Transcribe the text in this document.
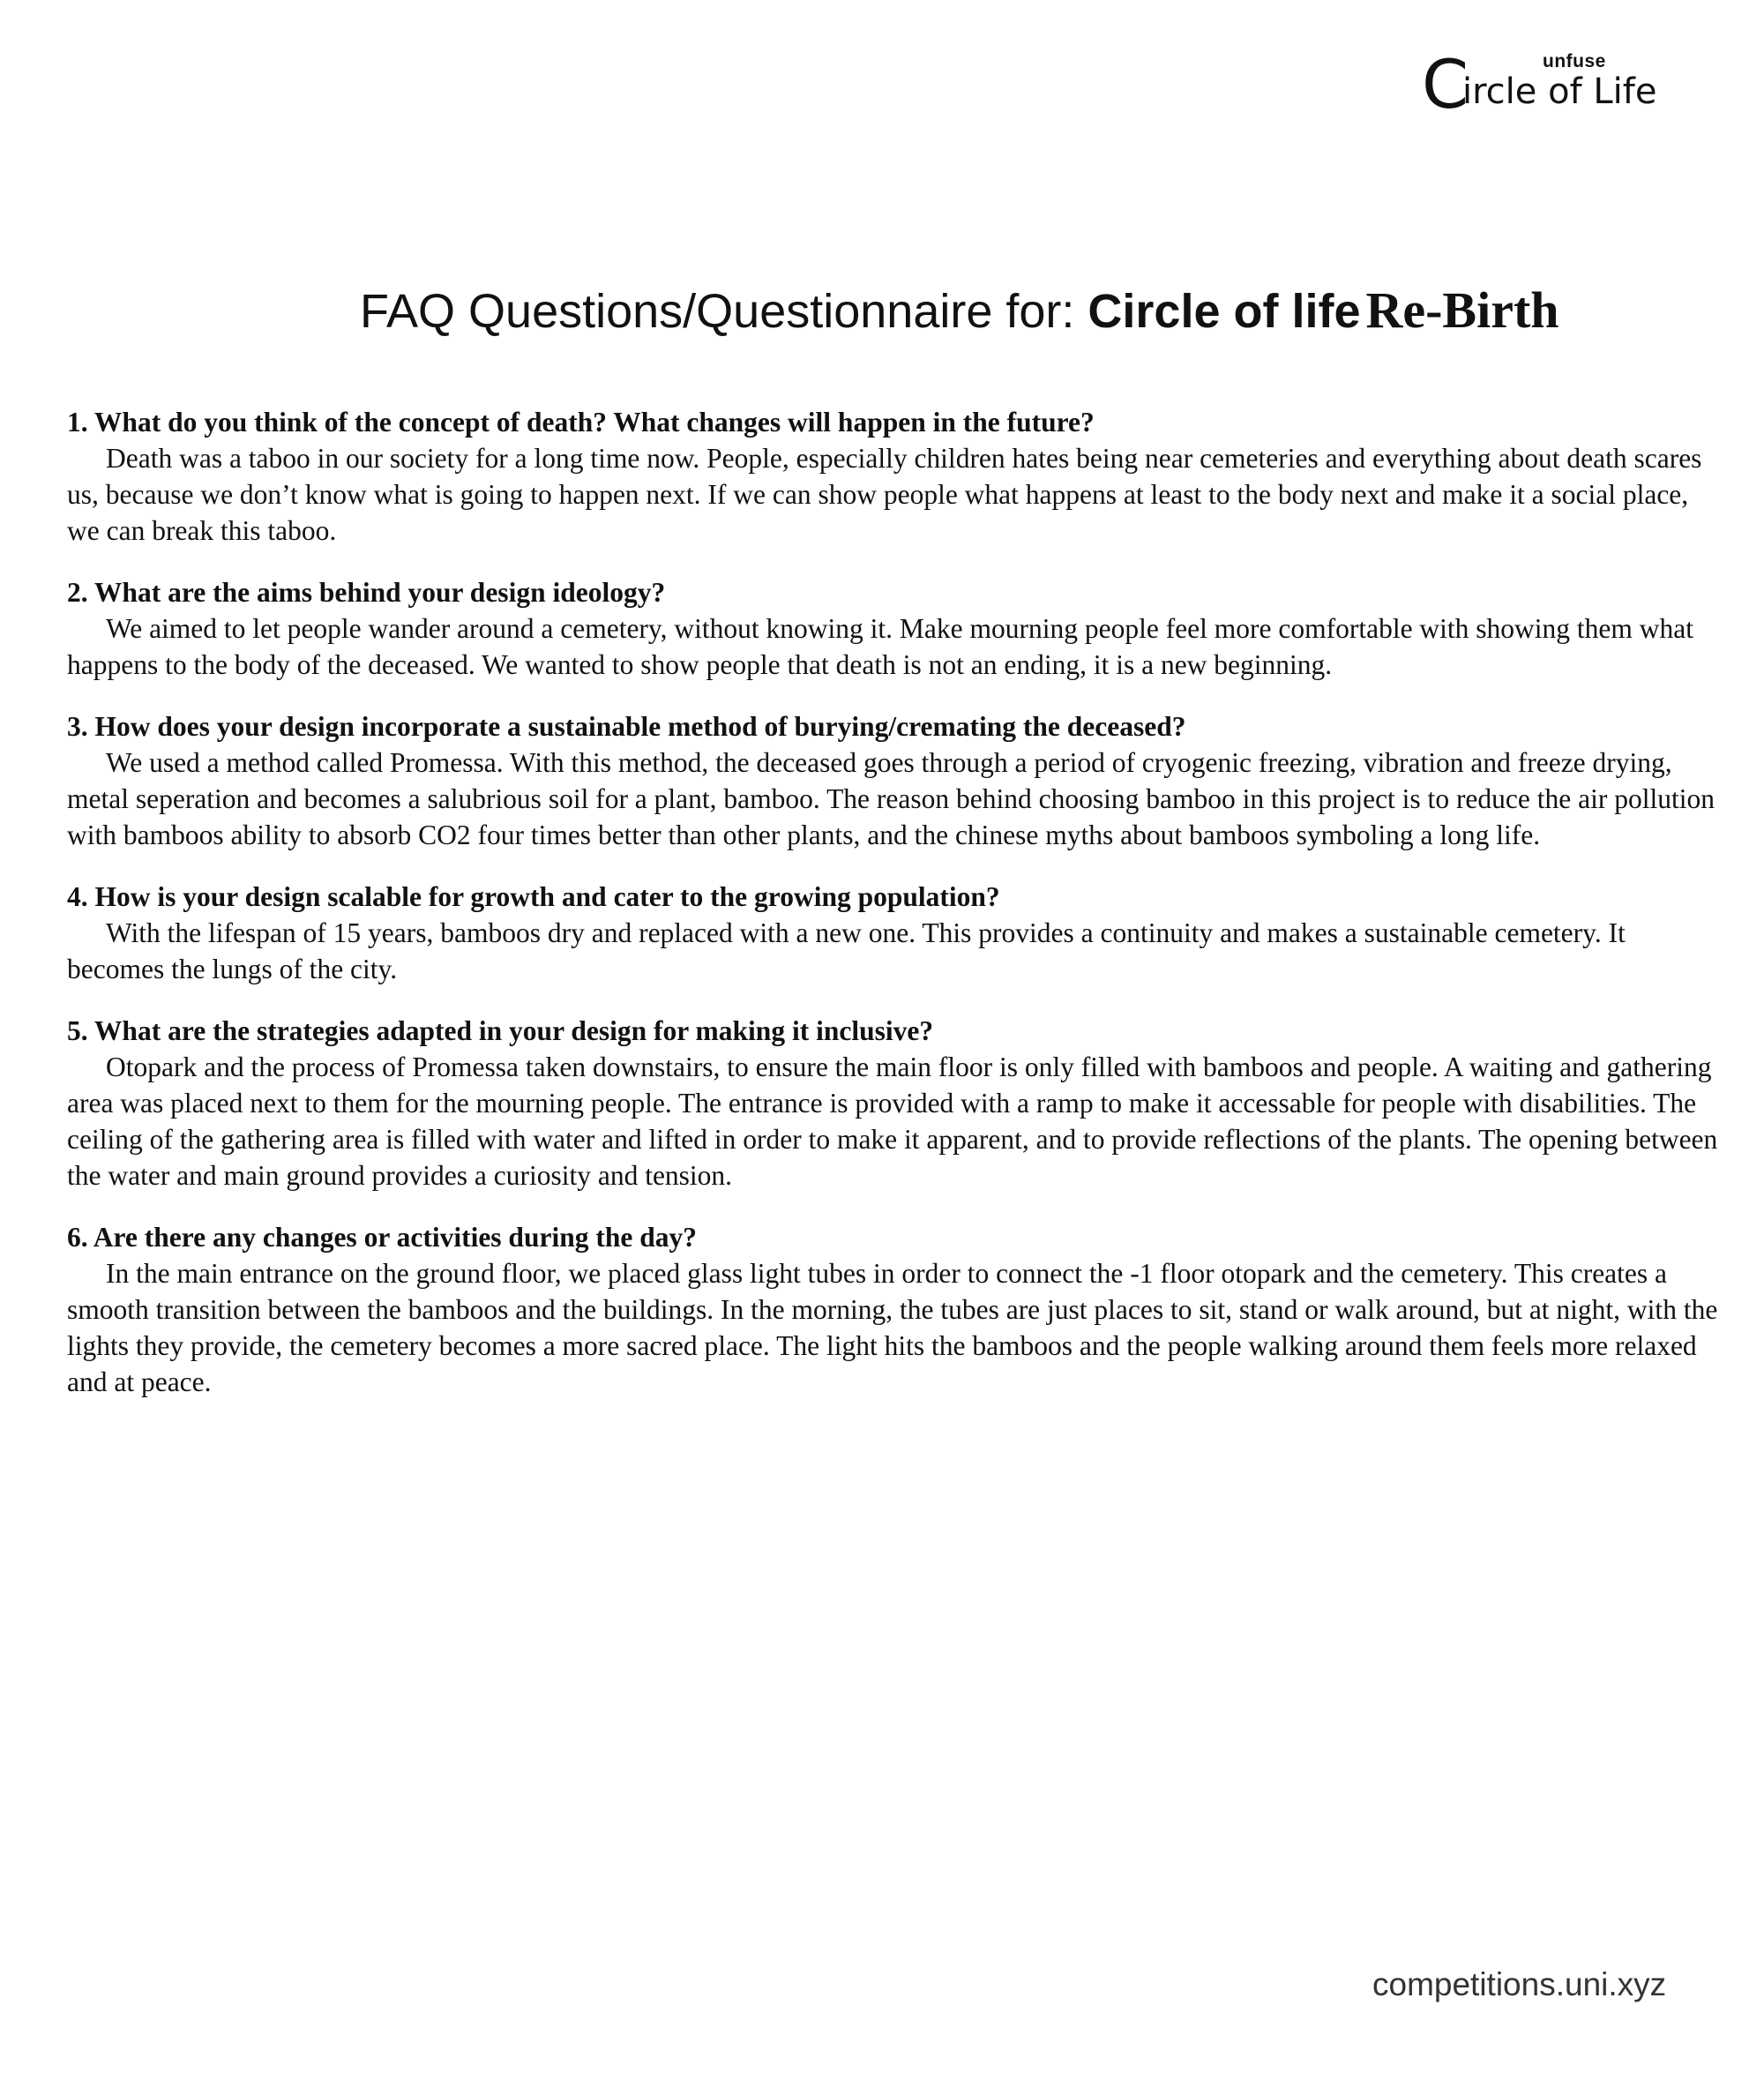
unfuse
C
ircle of Life
FAQ Questions/Questionnaire for: Circle of life Re-Birth

1. What do you think of the concept of death? What changes will happen in the future?

Death was a taboo in our society for a long time now. People, especially children hates being near cemeteries and everything about death scares us, because we don’t know what is going to happen next. If we can show people what happens at least to the body next and make it a social place, we can break this taboo.

2. What are the aims behind your design ideology?

We aimed to let people wander around a cemetery, without knowing it. Make mourning people feel more comfortable with showing them what happens to the body of the deceased. We wanted to show people that death is not an ending, it is a new beginning.

3. How does your design incorporate a sustainable method of burying/cremating the deceased?

We used a method called Promessa. With this method, the deceased goes through a period of cryogenic freezing, vibration and freeze drying, metal seperation and becomes a salubrious soil for a plant, bamboo. The reason behind choosing bamboo in this project is to reduce the air pollution with bamboos ability to absorb CO2 four times better than other plants, and the chinese myths about bamboos symboling a long life.

4. How is your design scalable for growth and cater to the growing population?

With the lifespan of 15 years, bamboos dry and replaced with a new one. This provides a continuity and makes a sustainable cemetery. It becomes the lungs of the city.

5. What are the strategies adapted in your design for making it inclusive?

Otopark and the process of Promessa taken downstairs, to ensure the main floor is only filled with bamboos and people. A waiting and gathering area was placed next to them for the mourning people. The entrance is provided with a ramp to make it accessable for people with disabilities. The ceiling of the gathering area is filled with water and lifted in order to make it apparent, and to provide reflections of the plants. The opening between the water and main ground provides a curiosity and tension.

6. Are there any changes or activities during the day?

In the main entrance on the ground floor, we placed glass light tubes in order to connect the -1 floor otopark and the cemetery. This creates a smooth transition between the bamboos and the buildings. In the morning, the tubes are just places to sit, stand or walk around, but at night, with the lights they provide, the cemetery becomes a more sacred place. The light hits the bamboos and the people walking around them feels more relaxed and at peace.

competitions.uni.xyz
